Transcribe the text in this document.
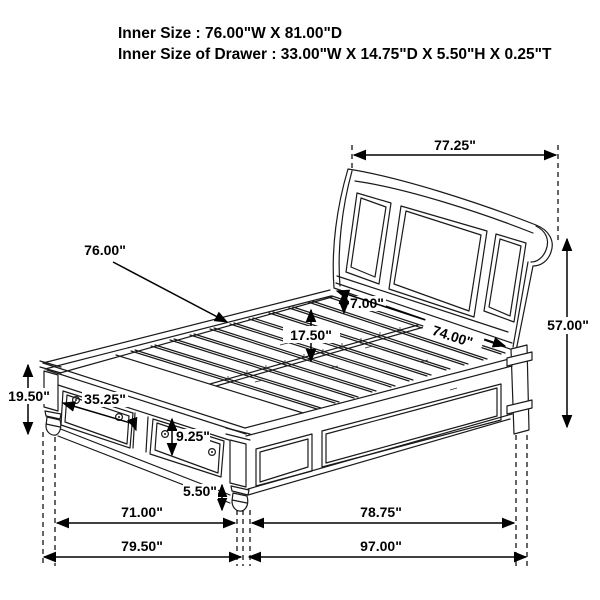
Inner Size : 76.00"W X 81.00"D
Inner Size of Drawer : 33.00"W X 14.75"D X 5.50"H X 0.25"T
77.25"
57.00"
76.00"
7.00"
74.00"
17.50"
19.50" 35.25"
9.25"
5.50"
71.00"	78.75"
79.50"	97.00"
